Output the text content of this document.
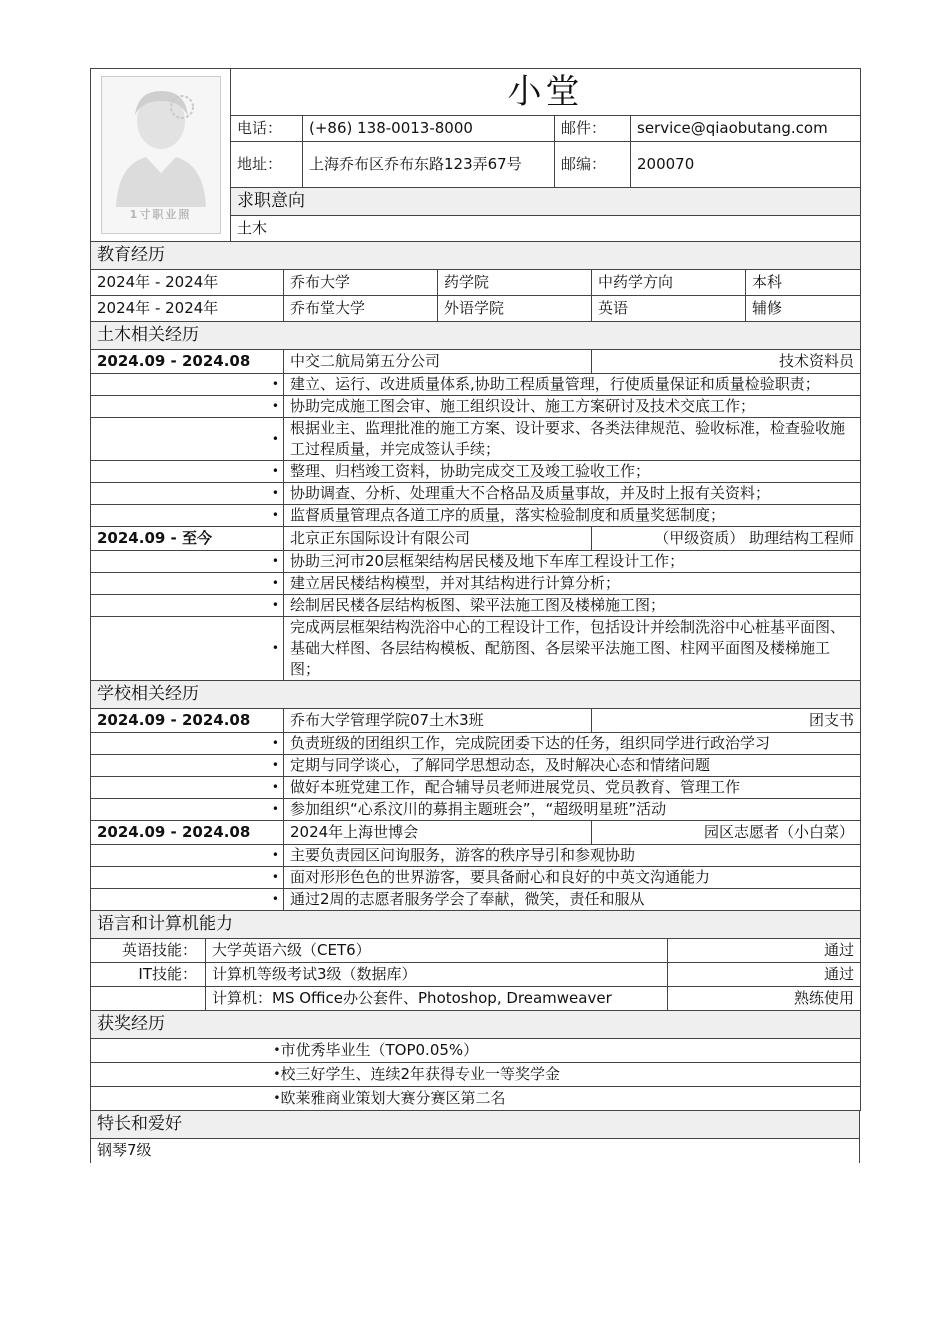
1寸职业照	小堂			
	电话：	(+86) 138-0013-8000	邮件：	service@qiaobutang.com
	地址：	上海乔布区乔布东路123弄67号	邮编：	200070
	求职意向			
	土木			
教育经历				
2024年 - 2024年	乔布大学	药学院	中药学方向	本科
2024年 - 2024年	乔布堂大学	外语学院	英语	辅修
土木相关经历		
2024.09 - 2024.08	中交二航局第五分公司	技术资料员
•	建立、运行、改进质量体系,协助工程质量管理，行使质量保证和质量检验职责；	
•	协助完成施工图会审、施工组织设计、施工方案研讨及技术交底工作；	
•	根据业主、监理批准的施工方案、设计要求、各类法律规范、验收标准，检查验收施工过程质量，并完成签认手续；	
•	整理、归档竣工资料，协助完成交工及竣工验收工作；	
•	协助调查、分析、处理重大不合格品及质量事故，并及时上报有关资料；	
•	监督质量管理点各道工序的质量，落实检验制度和质量奖惩制度；	
2024.09 - 至今	北京正东国际设计有限公司	（甲级资质） 助理结构工程师
•	协助三河市20层框架结构居民楼及地下车库工程设计工作；	
•	建立居民楼结构模型，并对其结构进行计算分析；	
•	绘制居民楼各层结构板图、梁平法施工图及楼梯施工图；	
•	完成两层框架结构洗浴中心的工程设计工作，包括设计并绘制洗浴中心桩基平面图、基础大样图、各层结构模板、配筋图、各层梁平法施工图、柱网平面图及楼梯施工图；	
学校相关经历		
2024.09 - 2024.08	乔布大学管理学院07土木3班	团支书
•	负责班级的团组织工作，完成院团委下达的任务，组织同学进行政治学习	
•	定期与同学谈心，了解同学思想动态，及时解决心态和情绪问题	
•	做好本班党建工作，配合辅导员老师进展党员、党员教育、管理工作	
•	参加组织“心系汶川的募捐主题班会”，“超级明星班”活动	
2024.09 - 2024.08	2024年上海世博会	园区志愿者（小白菜）
•	主要负责园区问询服务，游客的秩序导引和参观协助	
•	面对形形色色的世界游客，要具备耐心和良好的中英文沟通能力	
•	通过2周的志愿者服务学会了奉献，微笑，责任和服从	
语言和计算机能力		
英语技能：	大学英语六级（CET6）	通过
IT技能：	计算机等级考试3级（数据库）	通过
	计算机：MS Office办公套件、Photoshop, Dreamweaver	熟练使用
获奖经历	
•	市优秀毕业生（TOP0.05%）
•	校三好学生、连续2年获得专业一等奖学金
•	欧莱雅商业策划大赛分赛区第二名
特长和爱好
钢琴7级
